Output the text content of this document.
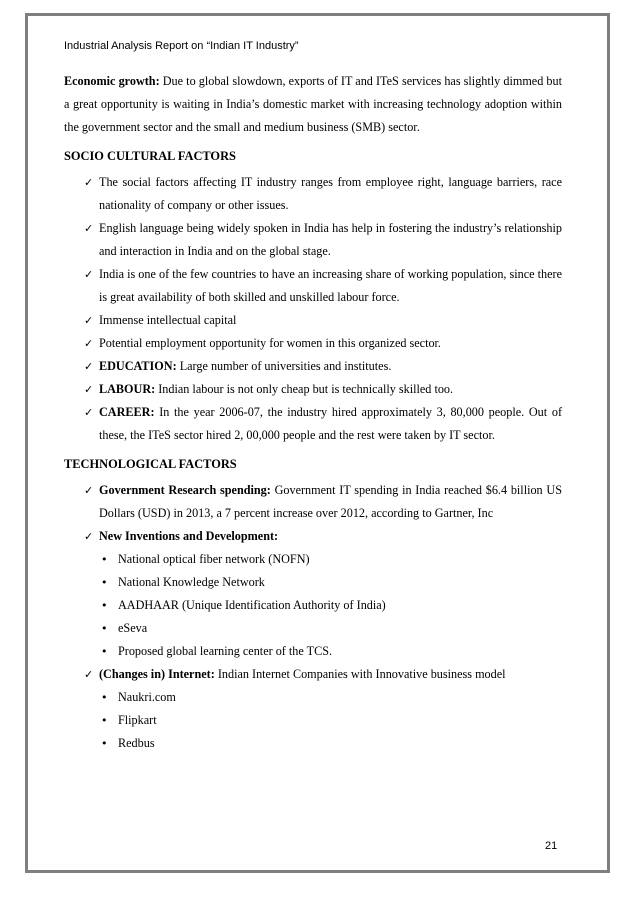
Industrial Analysis Report on “Indian IT Industry”

Economic growth: Due to global slowdown, exports of IT and ITeS services has slightly dimmed but a great opportunity is waiting in India’s domestic market with increasing technology adoption within the government sector and the small and medium business (SMB) sector.

SOCIO CULTURAL FACTORS
✓ The social factors affecting IT industry ranges from employee right, language barriers, race nationality of company or other issues.
✓ English language being widely spoken in India has help in fostering the industry’s relationship and interaction in India and on the global stage.
✓ India is one of the few countries to have an increasing share of working population, since there is great availability of both skilled and unskilled labour force.
✓ Immense intellectual capital
✓ Potential employment opportunity for women in this organized sector.
✓ EDUCATION: Large number of universities and institutes.
✓ LABOUR: Indian labour is not only cheap but is technically skilled too.
✓ CAREER: In the year 2006-07, the industry hired approximately 3, 80,000 people. Out of these, the ITeS sector hired 2, 00,000 people and the rest were taken by IT sector.
TECHNOLOGICAL FACTORS
✓ Government Research spending: Government IT spending in India reached $6.4 billion US Dollars (USD) in 2013, a 7 percent increase over 2012, according to Gartner, Inc
✓ New Inventions and Development:
• National optical fiber network (NOFN)
• National Knowledge Network
• AADHAAR (Unique Identification Authority of India)
• eSeva
• Proposed global learning center of the TCS.
✓ (Changes in) Internet: Indian Internet Companies with Innovative business model
• Naukri.com
• Flipkart
• Redbus
21
